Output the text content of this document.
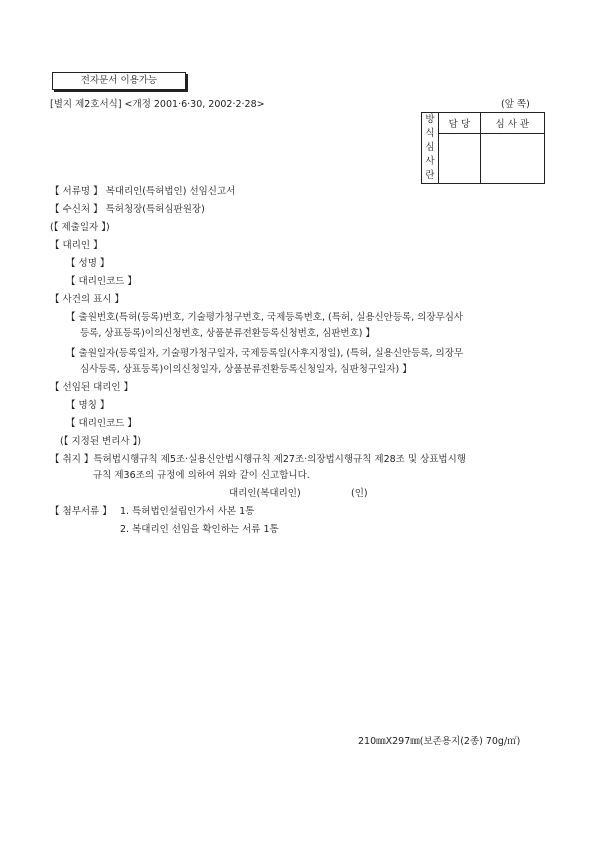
전자문서 이용가능
[별지 제2호서식] <개정 2001·6·30, 2002·2·28>	(앞 쪽)
방
식
심
사
란	담 당	심 사 관

【 서류명 】 복대리인(특허법인) 선임신고서
【 수신처 】 특허청장(특허심판원장)
(【 제출일자 】)
【 대리인 】
【 성명 】
【 대리인코드 】
【 사건의 표시 】
【 출원번호(특허(등록)번호, 기술평가청구번호, 국제등록번호, (특허, 실용신안등록, 의장무심사
등록, 상표등록)이의신청번호, 상품분류전환등록신청번호, 심판번호) 】
【 출원일자(등록일자, 기술평가청구일자, 국제등록일(사후지정일), (특허, 실용신안등록, 의장무
심사등록, 상표등록)이의신청일자, 상품분류전환등록신청일자, 심판청구일자) 】
【 선임된 대리인 】
【 명칭 】
【 대리인코드 】
(【 지정된 변리사 】)
【 취지 】특허법시행규칙 제5조·실용신안법시행규칙 제27조·의장법시행규칙 제28조 및 상표법시행
규칙 제36조의 규정에 의하여 위와 같이 신고합니다.
대리인(복대리인)	(인)
【 첨부서류 】 1. 특허법인설립인가서 사본 1통
2. 복대리인 선임을 확인하는 서류 1통
210㎜X297㎜(보존용지(2종) 70g/㎡)
